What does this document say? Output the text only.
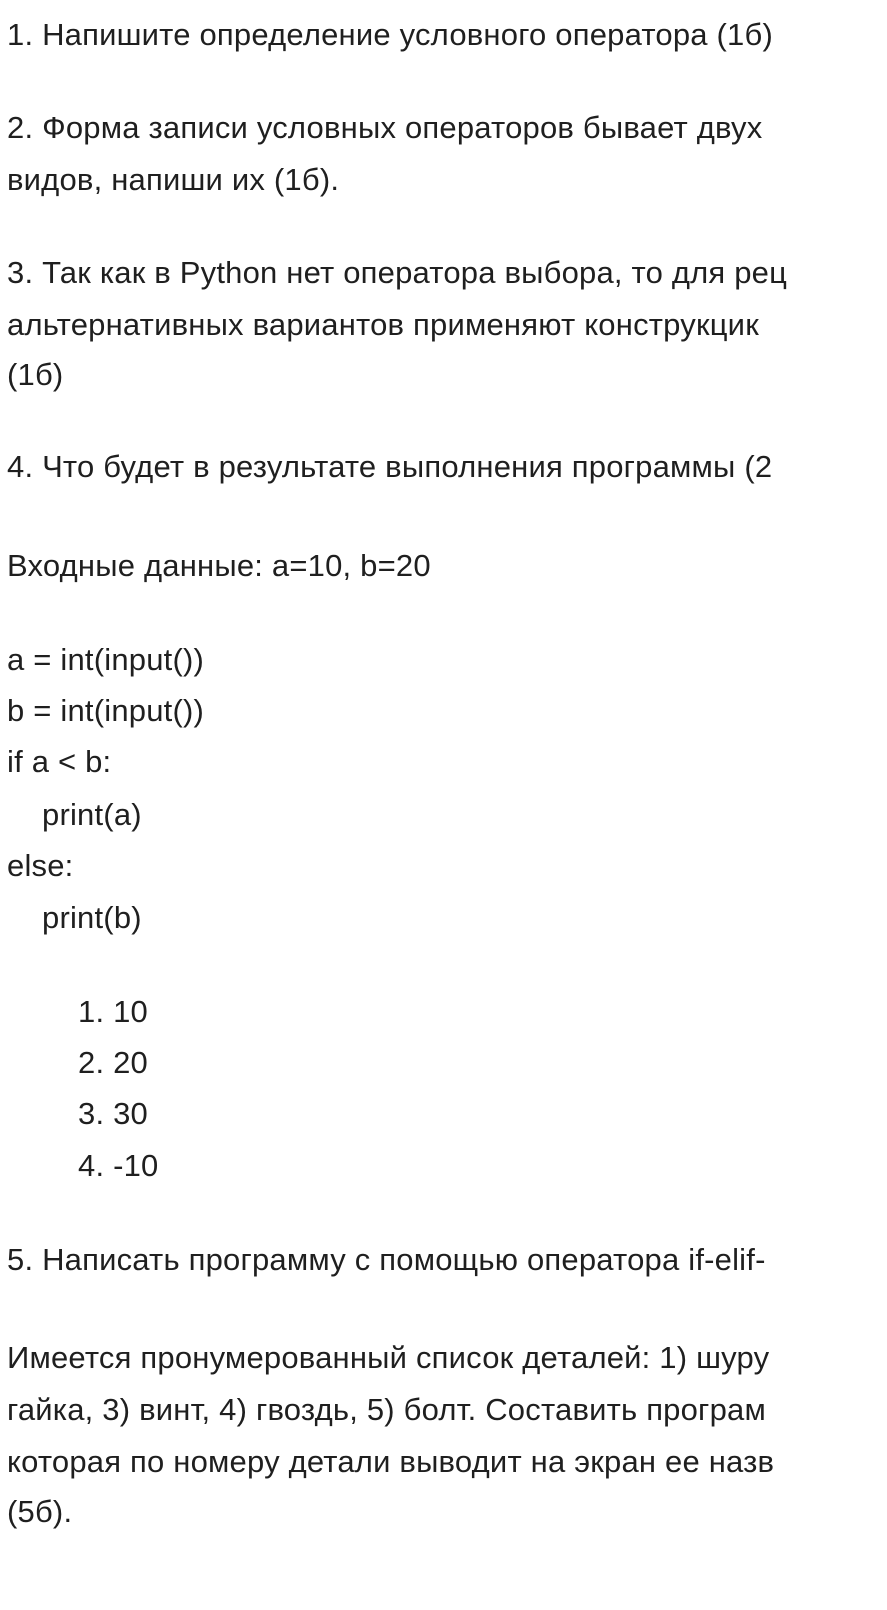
1. Напишите определение условного оператора (1б)
2. Форма записи условных операторов бывает двух
видов, напиши их (1б).
3. Так как в Python нет оператора выбора, то для рец
альтернативных вариантов применяют конструкцик
(1б)
4. Что будет в результате выполнения программы (2
Входные данные: a=10, b=20
a = int(input())
b = int(input())
if a < b:
print(a)
else:
print(b)
1. 10
2. 20
3. 30
4. -10
5. Написать программу с помощью оператора if-elif-
Имеется пронумерованный список деталей: 1) шуру
гайка, 3) винт, 4) гвоздь, 5) болт. Составить програм
которая по номеру детали выводит на экран ее назв
(5б).
